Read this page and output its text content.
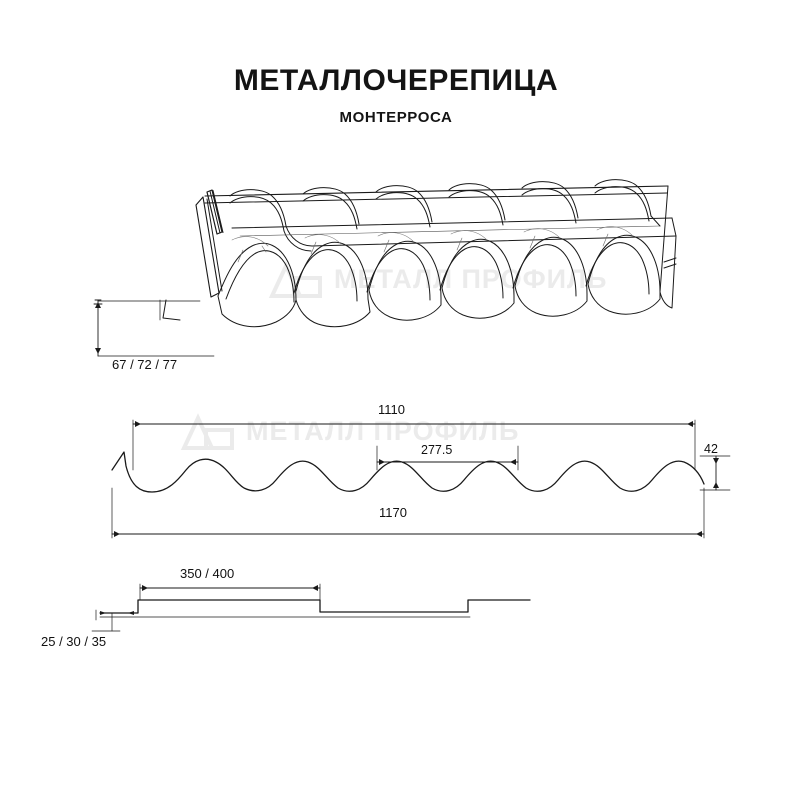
МЕТАЛЛ ПРОФИЛЬ
МЕТАЛЛ ПРОФИЛЬ
МЕТАЛЛОЧЕРЕПИЦА
МОНТЕРРОСА
67 / 72 / 77
1110
277.5	42
1170
350 / 400
25 / 30 / 35
